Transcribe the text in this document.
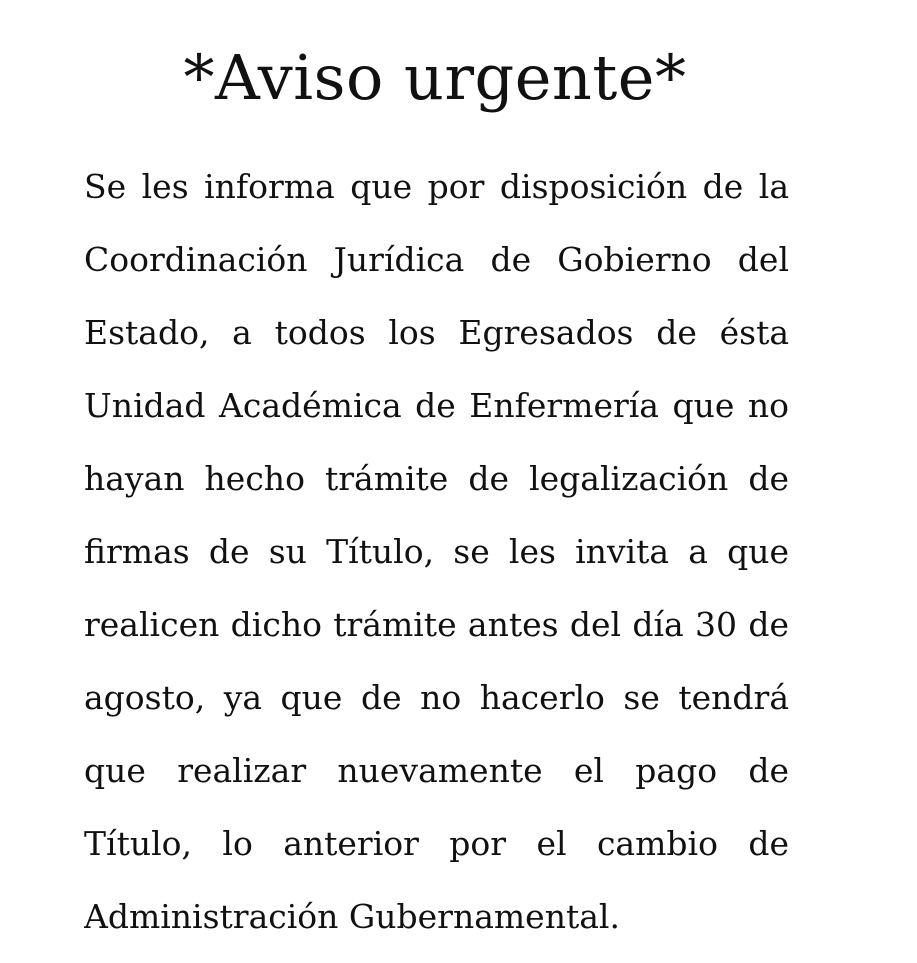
*Aviso urgente*
Se les informa que por disposición de la
Coordinación Jurídica de Gobierno del
Estado, a todos los Egresados de ésta
Unidad Académica de Enfermería que no
hayan hecho trámite de legalización de
firmas de su Título, se les invita a que
realicen dicho trámite antes del día 30 de
agosto, ya que de no hacerlo se tendrá
que realizar nuevamente el pago de
Título, lo anterior por el cambio de
Administración Gubernamental.
